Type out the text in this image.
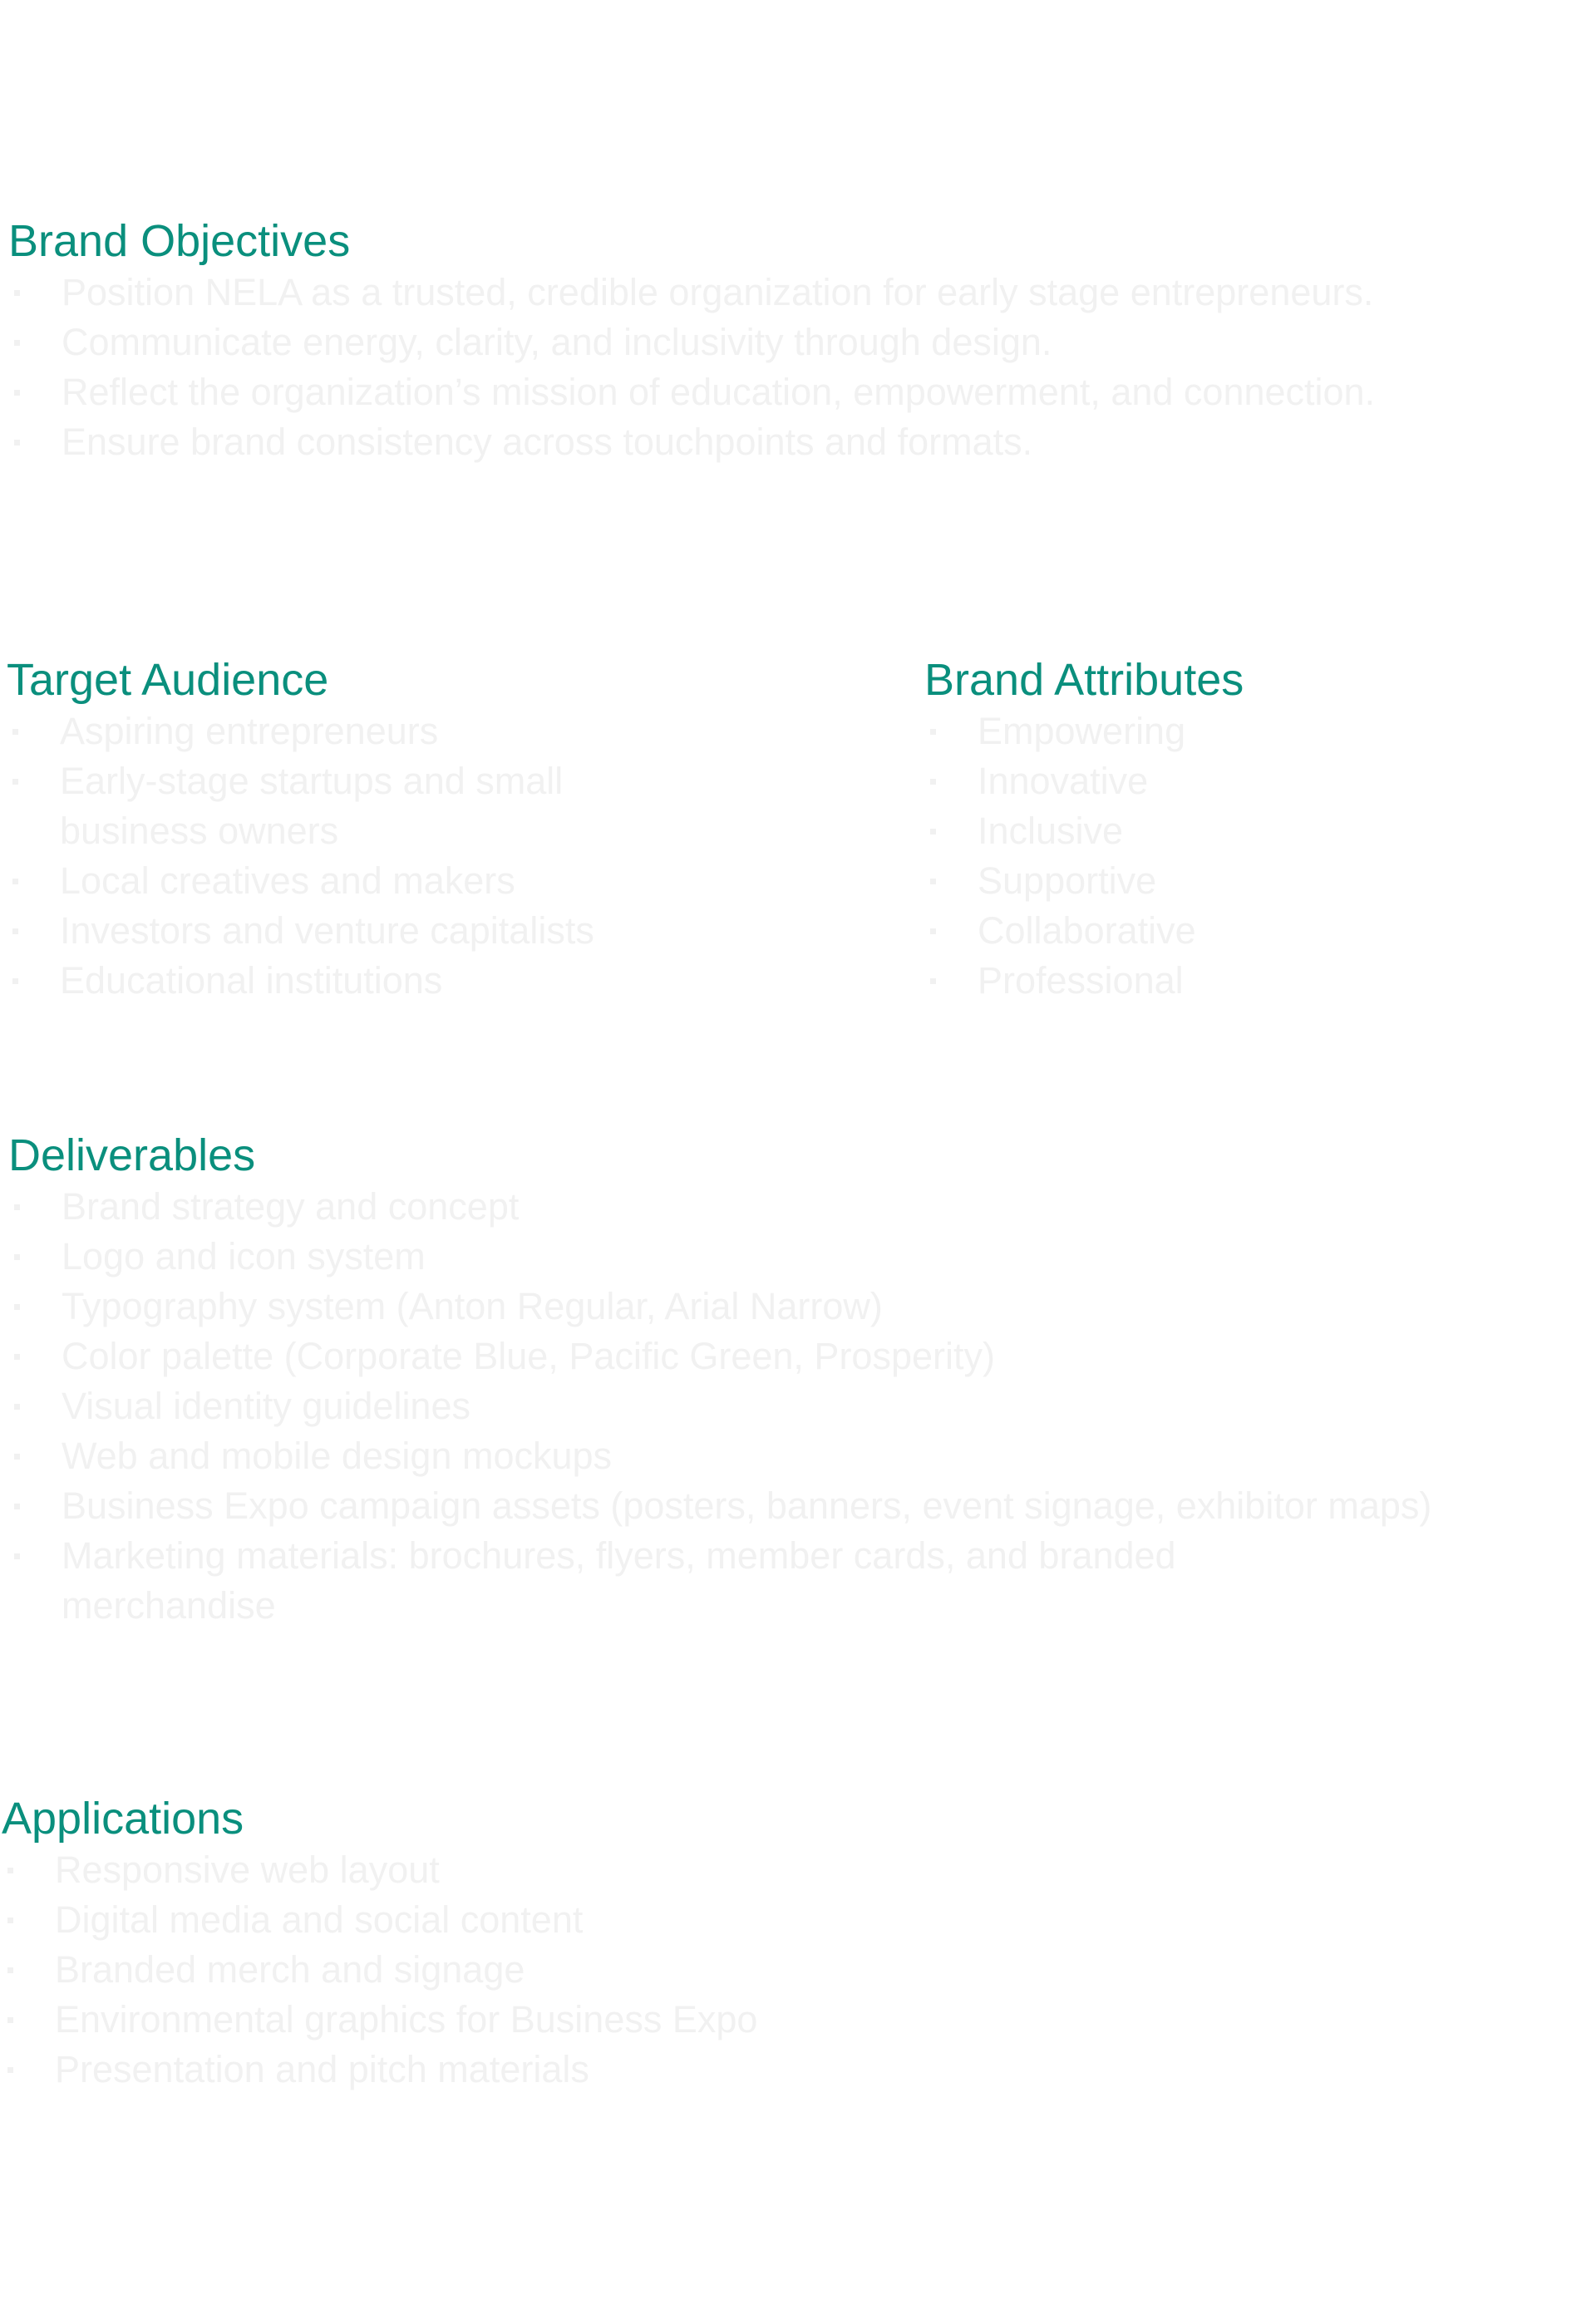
Brand Objectives
Position NELA as a trusted, credible organization for early stage entrepreneurs.
Communicate energy, clarity, and inclusivity through design.
Reflect the organization’s mission of education, empowerment, and connection.
Ensure brand consistency across touchpoints and formats.
Target Audience
Aspiring entrepreneurs
Early-stage startups and small business owners
Local creatives and makers
Investors and venture capitalists
Educational institutions
Brand Attributes
Empowering
Innovative
Inclusive
Supportive
Collaborative
Professional
Deliverables
Brand strategy and concept
Logo and icon system
Typography system (Anton Regular, Arial Narrow)
Color palette (Corporate Blue, Pacific Green, Prosperity)
Visual identity guidelines
Web and mobile design mockups
Business Expo campaign assets (posters, banners, event signage, exhibitor maps)
Marketing materials: brochures, flyers, member cards, and branded merchandise
Applications
Responsive web layout
Digital media and social content
Branded merch and signage
Environmental graphics for Business Expo
Presentation and pitch materials
